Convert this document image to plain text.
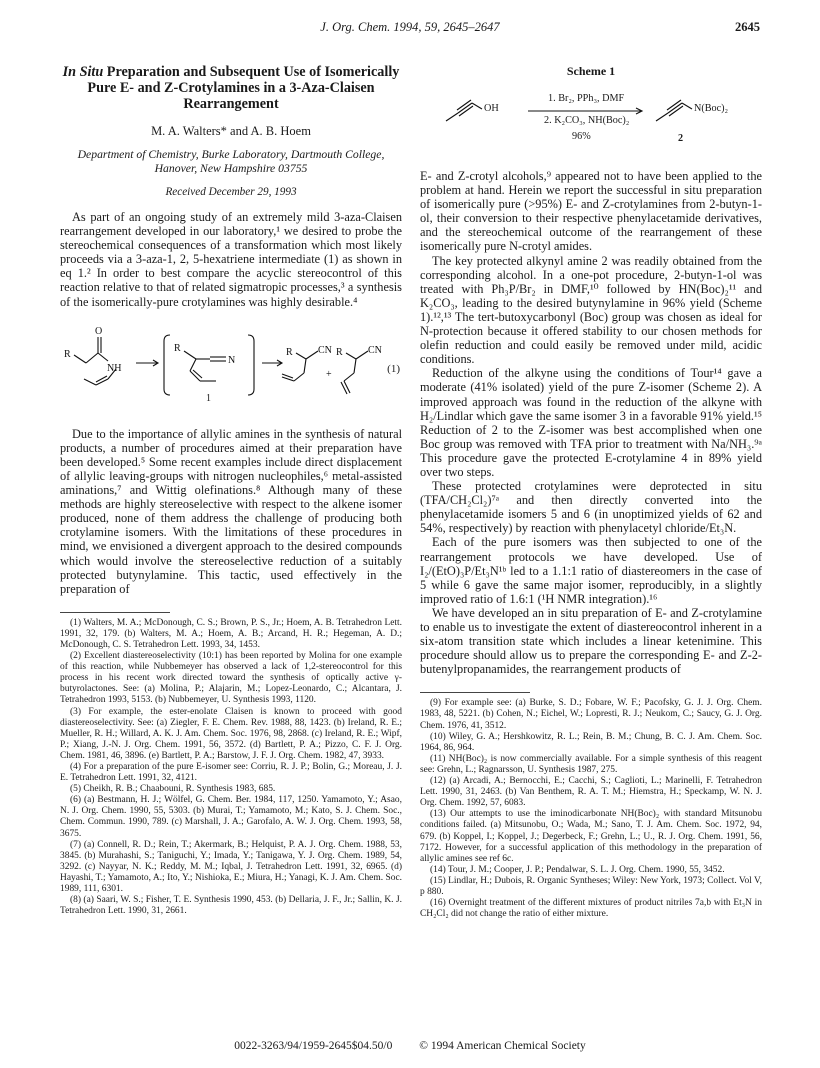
J. Org. Chem. 1994, 59, 2645–2647	2645
In Situ Preparation and Subsequent Use of Isomerically Pure E- and Z-Crotylamines in a 3-Aza-Claisen Rearrangement
M. A. Walters* and A. B. Hoem
Department of Chemistry, Burke Laboratory, Dartmouth College, Hanover, New Hampshire 03755
Received December 29, 1993

As part of an ongoing study of an extremely mild 3-aza-Claisen rearrangement developed in our laboratory,¹ we desired to probe the stereochemical consequences of a transformation which most likely proceeds via a 3-aza-1, 2, 5-hexatriene intermediate (1) as shown in eq 1.² In order to best compare the acyclic stereocontrol of this reaction relative to that of related sigmatropic processes,³ a synthesis of the isomerically-pure crotylamines was highly desirable.⁴

O
R
NH
R
N
R	CN R	CN
+	(1)
1

Due to the importance of allylic amines in the synthesis of natural products, a number of procedures aimed at their preparation have been developed.⁵ Some recent examples include direct displacement of allylic leaving-groups with nitrogen nucleophiles,⁶ metal-assisted aminations,⁷ and Wittig olefinations.⁸ Although many of these methods are highly stereoselective with respect to the alkene isomer produced, none of them address the challenge of producing both crotylamine isomers. With the limitations of these procedures in mind, we envisioned a divergent approach to the desired compounds which would involve the stereoselective reduction of a suitably protected butynylamine. This tactic, used effectively in the preparation of

(1) Walters, M. A.; McDonough, C. S.; Brown, P. S., Jr.; Hoem, A. B. Tetrahedron Lett. 1991, 32, 179. (b) Walters, M. A.; Hoem, A. B.; Arcand, H. R.; Hegeman, A. D.; McDonough, C. S. Tetrahedron Lett. 1993, 34, 1453.

(2) Excellent diastereoselectivity (10:1) has been reported by Molina for one example of this reaction, while Nubbemeyer has observed a lack of 1,2-stereocontrol for this process in his recent work directed toward the synthesis of optically active γ-butyrolactones. See: (a) Molina, P.; Alajarin, M.; Lopez-Leonardo, C.; Alcantara, J. Tetrahedron 1993, 5153. (b) Nubbemeyer, U. Synthesis 1993, 1120.

(3) For example, the ester-enolate Claisen is known to proceed with good diastereoselectivity. See: (a) Ziegler, F. E. Chem. Rev. 1988, 88, 1423. (b) Ireland, R. E.; Mueller, R. H.; Willard, A. K. J. Am. Chem. Soc. 1976, 98, 2868. (c) Ireland, R. E.; Wipf, P.; Xiang, J.-N. J. Org. Chem. 1991, 56, 3572. (d) Bartlett, P. A.; Pizzo, C. F. J. Org. Chem. 1981, 46, 3896. (e) Bartlett, P. A.; Barstow, J. F. J. Org. Chem. 1982, 47, 3933.

(4) For a preparation of the pure E-isomer see: Corriu, R. J. P.; Bolin, G.; Moreau, J. J. E. Tetrahedron Lett. 1991, 32, 4121.

(5) Cheikh, R. B.; Chaabouni, R. Synthesis 1983, 685.

(6) (a) Bestmann, H. J.; Wölfel, G. Chem. Ber. 1984, 117, 1250. Yamamoto, Y.; Asao, N. J. Org. Chem. 1990, 55, 5303. (b) Murai, T.; Yamamoto, M.; Kato, S. J. Chem. Soc., Chem. Commun. 1990, 789. (c) Marshall, J. A.; Garofalo, A. W. J. Org. Chem. 1993, 58, 3675.

(7) (a) Connell, R. D.; Rein, T.; Akermark, B.; Helquist, P. A. J. Org. Chem. 1988, 53, 3845. (b) Murahashi, S.; Taniguchi, Y.; Imada, Y.; Tanigawa, Y. J. Org. Chem. 1989, 54, 3292. (c) Nayyar, N. K.; Reddy, M. M.; Iqbal, J. Tetrahedron Lett. 1991, 32, 6965. (d) Hayashi, T.; Yamamoto, A.; Ito, Y.; Nishioka, E.; Miura, H.; Yanagi, K. J. Am. Chem. Soc. 1989, 111, 6301.

(8) (a) Saari, W. S.; Fisher, T. E. Synthesis 1990, 453. (b) Dellaria, J. F., Jr.; Sallin, K. J. Tetrahedron Lett. 1990, 31, 2661.

Scheme 1
OH
1. Br₂, PPh₃, DMF
2. K₂CO₃, NH(Boc)₂
96%
N(Boc)₂
2

E- and Z-crotyl alcohols,⁹ appeared not to have been applied to the problem at hand. Herein we report the successful in situ preparation of isomerically pure (>95%) E- and Z-crotylamines from 2-butyn-1-ol, their conversion to their respective phenylacetamide derivatives, and the stereochemical outcome of the rearrangement of these isomerically pure N-crotyl amides.

The key protected alkynyl amine 2 was readily obtained from the corresponding alcohol. In a one-pot procedure, 2-butyn-1-ol was treated with Ph₃P/Br₂ in DMF,¹⁰ followed by HN(Boc)₂¹¹ and K₂CO₃, leading to the desired butynylamine in 96% yield (Scheme 1).¹²,¹³ The tert-butoxycarbonyl (Boc) group was chosen as ideal for N-protection because it offered stability to our chosen methods for olefin reduction and could easily be removed under mild, acidic conditions.

Reduction of the alkyne using the conditions of Tour¹⁴ gave a moderate (41% isolated) yield of the pure Z-isomer (Scheme 2). A improved approach was found in the reduction of the alkyne with H₂/Lindlar which gave the same isomer 3 in a favorable 91% yield.¹⁵ Reduction of 2 to the Z-isomer was best accomplished when one Boc group was removed with TFA prior to treatment with Na/NH₃.⁹ᵃ This procedure gave the protected E-crotylamine 4 in 89% yield over two steps.

These protected crotylamines were deprotected in situ (TFA/CH₂Cl₂)⁷ᵃ and then directly converted into the phenylacetamide isomers 5 and 6 (in unoptimized yields of 62 and 54%, respectively) by reaction with phenylacetyl chloride/Et₃N.

Each of the pure isomers was then subjected to one of the rearrangement protocols we have developed. Use of I₂/(EtO)₃P/Et₃N¹ᵇ led to a 1.1:1 ratio of diastereomers in the case of 5 while 6 gave the same major isomer, reproducibly, in a slightly improved ratio of 1.6:1 (¹H NMR integration).¹⁶

We have developed an in situ preparation of E- and Z-crotylamine to enable us to investigate the extent of diastereocontrol inherent in a six-atom transition state which includes a linear ketenimine. This procedure should allow us to prepare the corresponding E- and Z-2-butenylpropanamides, the rearrangement products of

(9) For example see: (a) Burke, S. D.; Fobare, W. F.; Pacofsky, G. J. J. Org. Chem. 1983, 48, 5221. (b) Cohen, N.; Eichel, W.; Lopresti, R. J.; Neukom, C.; Saucy, G. J. Org. Chem. 1976, 41, 3512.

(10) Wiley, G. A.; Hershkowitz, R. L.; Rein, B. M.; Chung, B. C. J. Am. Chem. Soc. 1964, 86, 964.

(11) NH(Boc)₂ is now commercially available. For a simple synthesis of this reagent see: Grehn, L.; Ragnarsson, U. Synthesis 1987, 275.

(12) (a) Arcadi, A.; Bernocchi, E.; Cacchi, S.; Caglioti, L.; Marinelli, F. Tetrahedron Lett. 1990, 31, 2463. (b) Van Benthem, R. A. T. M.; Hiemstra, H.; Speckamp, W. N. J. Org. Chem. 1992, 57, 6083.

(13) Our attempts to use the iminodicarbonate NH(Boc)₂ with standard Mitsunobu conditions failed. (a) Mitsunobu, O.; Wada, M.; Sano, T. J. Am. Chem. Soc. 1972, 94, 679. (b) Koppel, I.; Koppel, J.; Degerbeck, F.; Grehn, L.; U., R. J. Org. Chem. 1991, 56, 7172. However, for a successful application of this methodology in the preparation of allylic amines see ref 6c.

(14) Tour, J. M.; Cooper, J. P.; Pendalwar, S. L. J. Org. Chem. 1990, 55, 3452.

(15) Lindlar, H.; Dubois, R. Organic Syntheses; Wiley: New York, 1973; Collect. Vol V, p 880.

(16) Overnight treatment of the different mixtures of product nitriles 7a,b with Et₃N in CH₂Cl₂ did not change the ratio of either mixture.

0022-3263/94/1959-2645$04.50/0 © 1994 American Chemical Society
